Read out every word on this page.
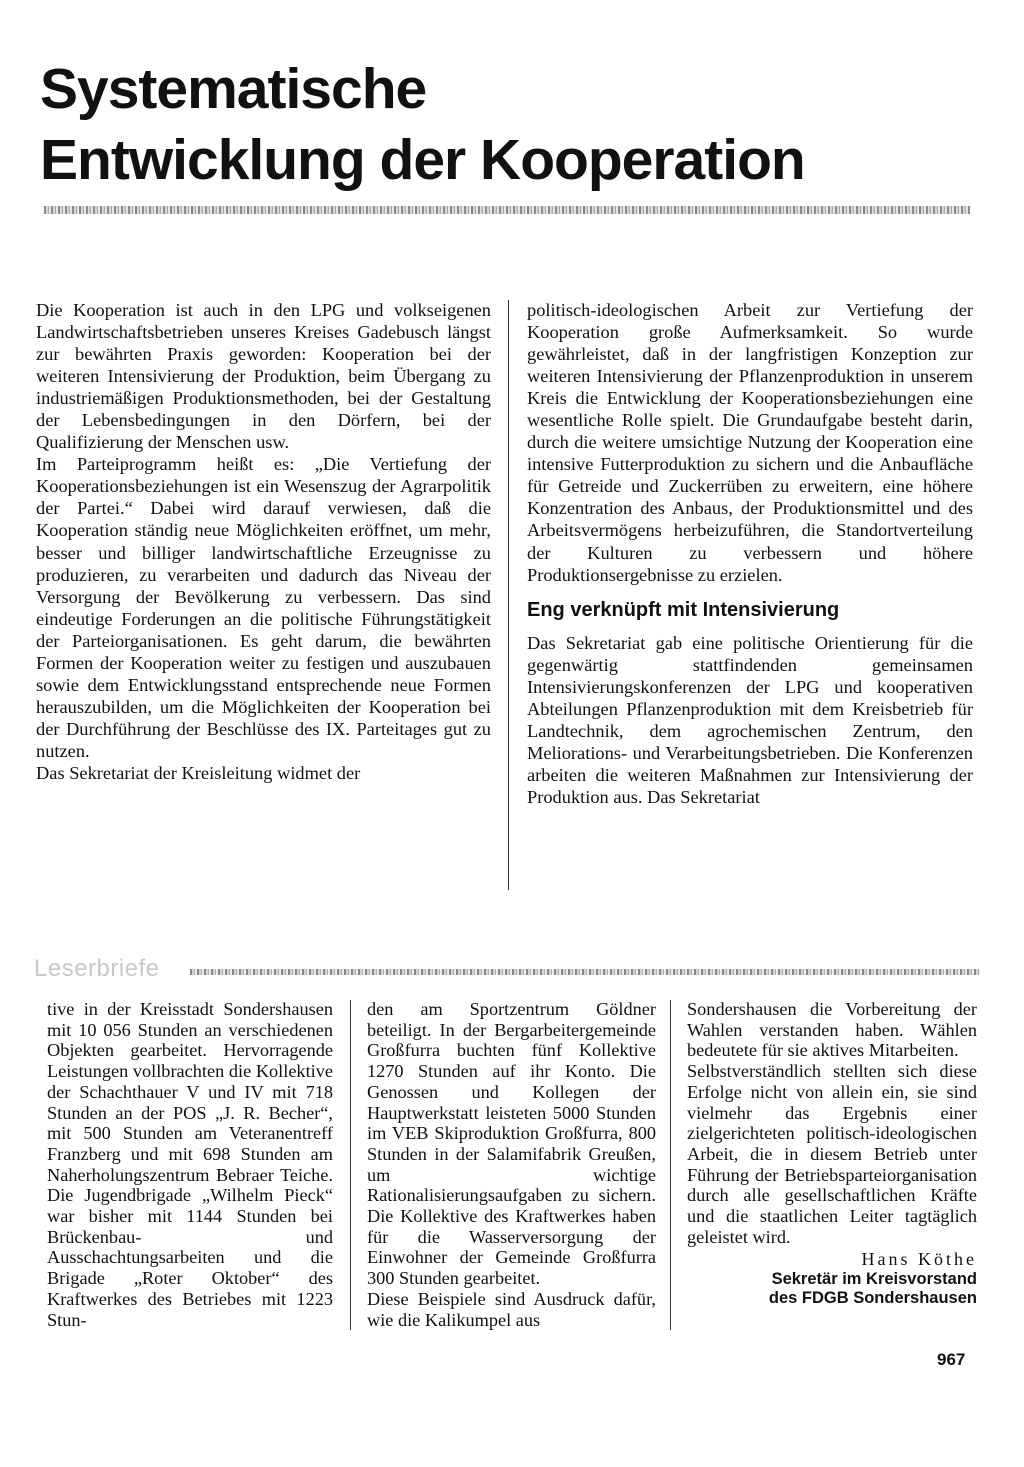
Systematische
Entwicklung der Kooperation

Die Kooperation ist auch in den LPG und volkseigenen Landwirtschaftsbetrieben unseres Kreises Gadebusch längst zur bewährten Praxis geworden: Kooperation bei der weiteren Intensivierung der Produktion, beim Übergang zu industriemäßigen Produktionsmethoden, bei der Gestaltung der Lebensbedingungen in den Dörfern, bei der Qualifizierung der Menschen usw.

Im Parteiprogramm heißt es: „Die Vertiefung der Kooperationsbeziehungen ist ein Wesenszug der Agrarpolitik der Partei.“ Dabei wird darauf verwiesen, daß die Kooperation ständig neue Möglichkeiten eröffnet, um mehr, besser und billiger landwirtschaftliche Erzeugnisse zu produzieren, zu verarbeiten und dadurch das Niveau der Versorgung der Bevölkerung zu verbessern. Das sind eindeutige Forderungen an die politische Führungstätigkeit der Parteiorganisationen. Es geht darum, die bewährten Formen der Kooperation weiter zu festigen und auszubauen sowie dem Entwicklungsstand entsprechende neue Formen herauszubilden, um die Möglichkeiten der Kooperation bei der Durchführung der Beschlüsse des IX. Parteitages gut zu nutzen.

Das Sekretariat der Kreisleitung widmet der

politisch-ideologischen Arbeit zur Vertiefung der Kooperation große Aufmerksamkeit. So wurde gewährleistet, daß in der langfristigen Konzeption zur weiteren Intensivierung der Pflanzenproduktion in unserem Kreis die Entwicklung der Kooperationsbeziehungen eine wesentliche Rolle spielt. Die Grundaufgabe besteht darin, durch die weitere umsichtige Nutzung der Kooperation eine intensive Futterproduktion zu sichern und die Anbaufläche für Getreide und Zuckerrüben zu erweitern, eine höhere Konzentration des Anbaus, der Produktionsmittel und des Arbeitsvermögens herbeizuführen, die Standortverteilung der Kulturen zu verbessern und höhere Produktionsergebnisse zu erzielen.

Eng verknüpft mit Intensivierung

Das Sekretariat gab eine politische Orientierung für die gegenwärtig stattfindenden gemeinsamen Intensivierungskonferenzen der LPG und kooperativen Abteilungen Pflanzenproduktion mit dem Kreisbetrieb für Landtechnik, dem agrochemischen Zentrum, den Meliorations- und Verarbeitungsbetrieben. Die Konferenzen arbeiten die weiteren Maßnahmen zur Intensivierung der Produktion aus. Das Sekretariat

Leserbriefe

tive in der Kreisstadt Sondershausen mit 10 056 Stunden an verschiedenen Objekten gearbeitet. Hervorragende Leistungen vollbrachten die Kollektive der Schachthauer V und IV mit 718 Stunden an der POS „J. R. Becher“, mit 500 Stunden am Veteranentreff Franzberg und mit 698 Stunden am Naherholungszentrum Bebraer Teiche. Die Jugendbrigade „Wilhelm Pieck“ war bisher mit 1144 Stunden bei Brückenbau- und Ausschachtungsarbeiten und die Brigade „Roter Oktober“ des Kraftwerkes des Betriebes mit 1223 Stun-

den am Sportzentrum Göldner beteiligt. In der Bergarbeitergemeinde Großfurra buchten fünf Kollektive 1270 Stunden auf ihr Konto. Die Genossen und Kollegen der Hauptwerkstatt leisteten 5000 Stunden im VEB Skiproduktion Großfurra, 800 Stunden in der Salamifabrik Greußen, um wichtige Rationalisierungsaufgaben zu sichern. Die Kollektive des Kraftwerkes haben für die Wasserversorgung der Einwohner der Gemeinde Großfurra 300 Stunden gearbeitet.

Diese Beispiele sind Ausdruck dafür, wie die Kalikumpel aus

Sondershausen die Vorbereitung der Wahlen verstanden haben. Wählen bedeutete für sie aktives Mitarbeiten.

Selbstverständlich stellten sich diese Erfolge nicht von allein ein, sie sind vielmehr das Ergebnis einer zielgerichteten politisch-ideologischen Arbeit, die in diesem Betrieb unter Führung der Betriebsparteiorganisation durch alle gesellschaftlichen Kräfte und die staatlichen Leiter tagtäglich geleistet wird.

Hans Köthe
Sekretär im Kreisvorstand
des FDGB Sondershausen
967
